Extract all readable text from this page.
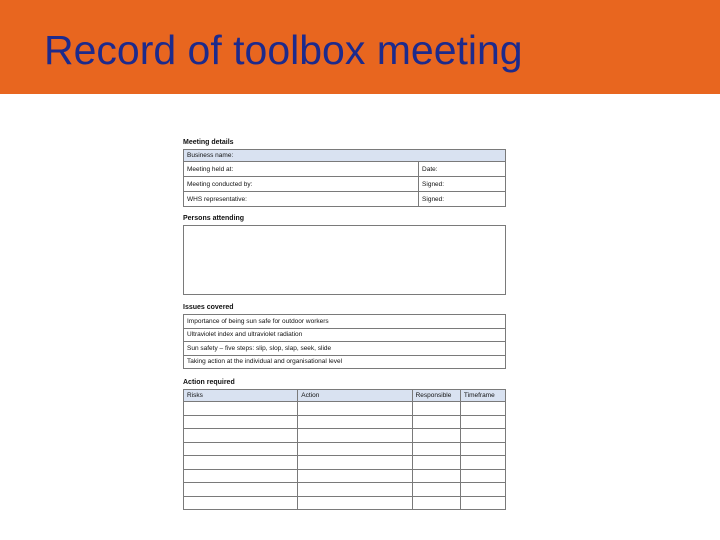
Record of toolbox meeting
Meeting details
Business name:	
Meeting held at:	Date:
Meeting conducted by:	Signed:
WHS representative:	Signed:
Persons attending
Issues covered
Importance of being sun safe for outdoor workers
Ultraviolet index and ultraviolet radiation
Sun safety – five steps: slip, slop, slap, seek, slide
Taking action at the individual and organisational level
Action required
Risks	Action	Responsible	Timeframe
